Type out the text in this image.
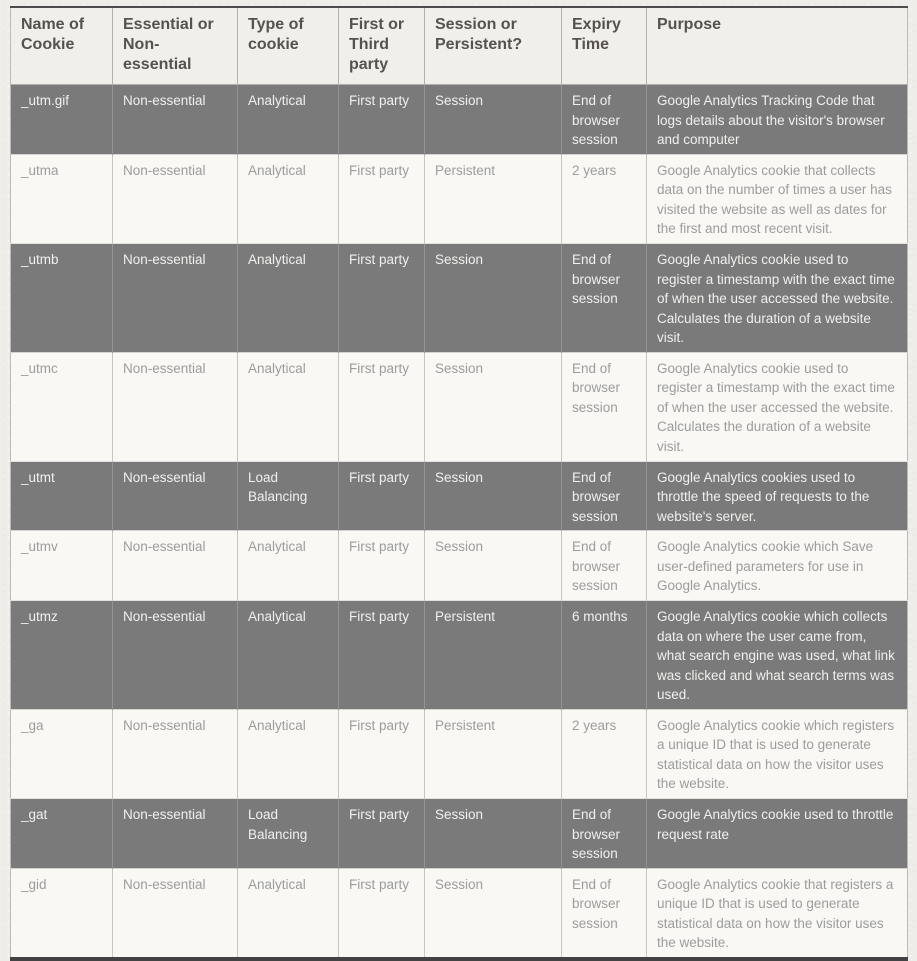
Name of Cookie	Essential or Non-essential	Type of cookie	First or Third party	Session or Persistent?	Expiry Time	Purpose
_utm.gif	Non-essential	Analytical	First party	Session	End of browser session	Google Analytics Tracking Code that logs details about the visitor's browser and computer
_utma	Non-essential	Analytical	First party	Persistent	2 years	Google Analytics cookie that collects data on the number of times a user has visited the website as well as dates for the first and most recent visit.
_utmb	Non-essential	Analytical	First party	Session	End of browser session	Google Analytics cookie used to register a timestamp with the exact time of when the user accessed the website. Calculates the duration of a website visit.
_utmc	Non-essential	Analytical	First party	Session	End of browser session	Google Analytics cookie used to register a timestamp with the exact time of when the user accessed the website. Calculates the duration of a website visit.
_utmt	Non-essential	Load Balancing	First party	Session	End of browser session	Google Analytics cookies used to throttle the speed of requests to the website's server.
_utmv	Non-essential	Analytical	First party	Session	End of browser session	Google Analytics cookie which Save user-defined parameters for use in Google Analytics.
_utmz	Non-essential	Analytical	First party	Persistent	6 months	Google Analytics cookie which collects data on where the user came from, what search engine was used, what link was clicked and what search terms was used.
_ga	Non-essential	Analytical	First party	Persistent	2 years	Google Analytics cookie which registers a unique ID that is used to generate statistical data on how the visitor uses the website.
_gat	Non-essential	Load Balancing	First party	Session	End of browser session	Google Analytics cookie used to throttle request rate
_gid	Non-essential	Analytical	First party	Session	End of browser session	Google Analytics cookie that registers a unique ID that is used to generate statistical data on how the visitor uses the website.
